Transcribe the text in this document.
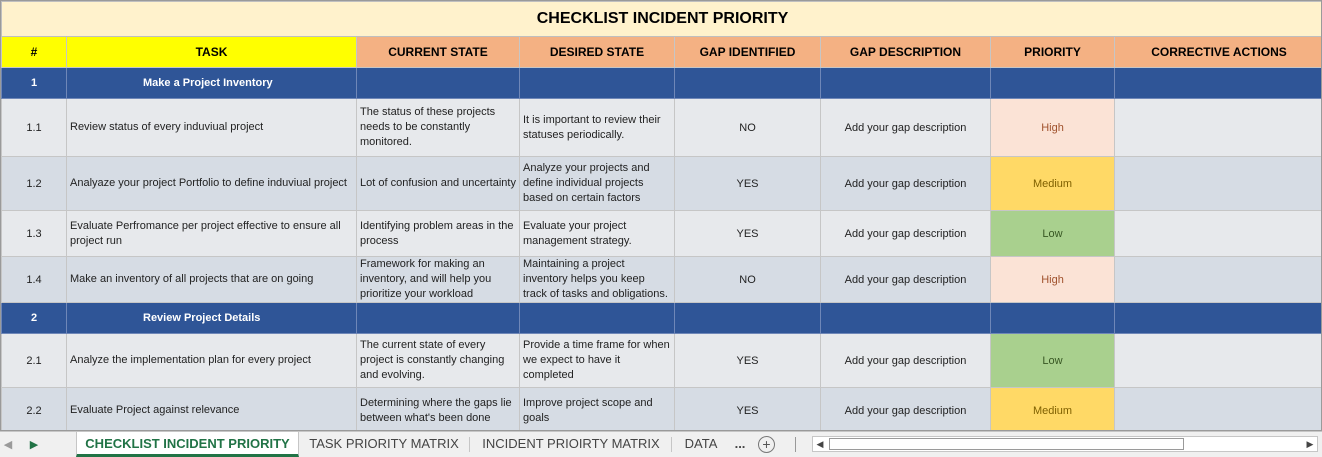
CHECKLIST INCIDENT PRIORITY							
#	TASK	CURRENT STATE	DESIRED STATE	GAP IDENTIFIED	GAP DESCRIPTION	PRIORITY	CORRECTIVE ACTIONS
1	Make a Project Inventory						
1.1	Review status of every induviual project	The status of these projects needs to be constantly monitored.	It is important to review their statuses periodically.	NO	Add your gap description	High	
1.2	Analyaze your project Portfolio to define induviual project	Lot of confusion and uncertainty	Analyze your projects and define individual projects based on certain factors	YES	Add your gap description	Medium	
1.3	Evaluate Perfromance per project effective to ensure all project run	Identifying problem areas in the process	Evaluate your project management strategy.	YES	Add your gap description	Low	
1.4	Make an inventory of all projects that are on going	Framework for making an inventory, and will help you prioritize your workload	Maintaining a project inventory helps you keep track of tasks and obligations.	NO	Add your gap description	High	
2	Review Project Details						
2.1	Analyze the implementation plan for every project	The current state of every project is constantly changing and evolving.	Provide a time frame for when we expect to have it completed	YES	Add your gap description	Low	
2.2	Evaluate Project against relevance	Determining where the gaps lie between what's been done	Improve project scope and goals	YES	Add your gap description	Medium	
◀	▶	CHECKLIST INCIDENT PRIORITY	TASK PRIORITY MATRIX	INCIDENT PRIOIRTY MATRIX	DATA	...	+	◀	▶
